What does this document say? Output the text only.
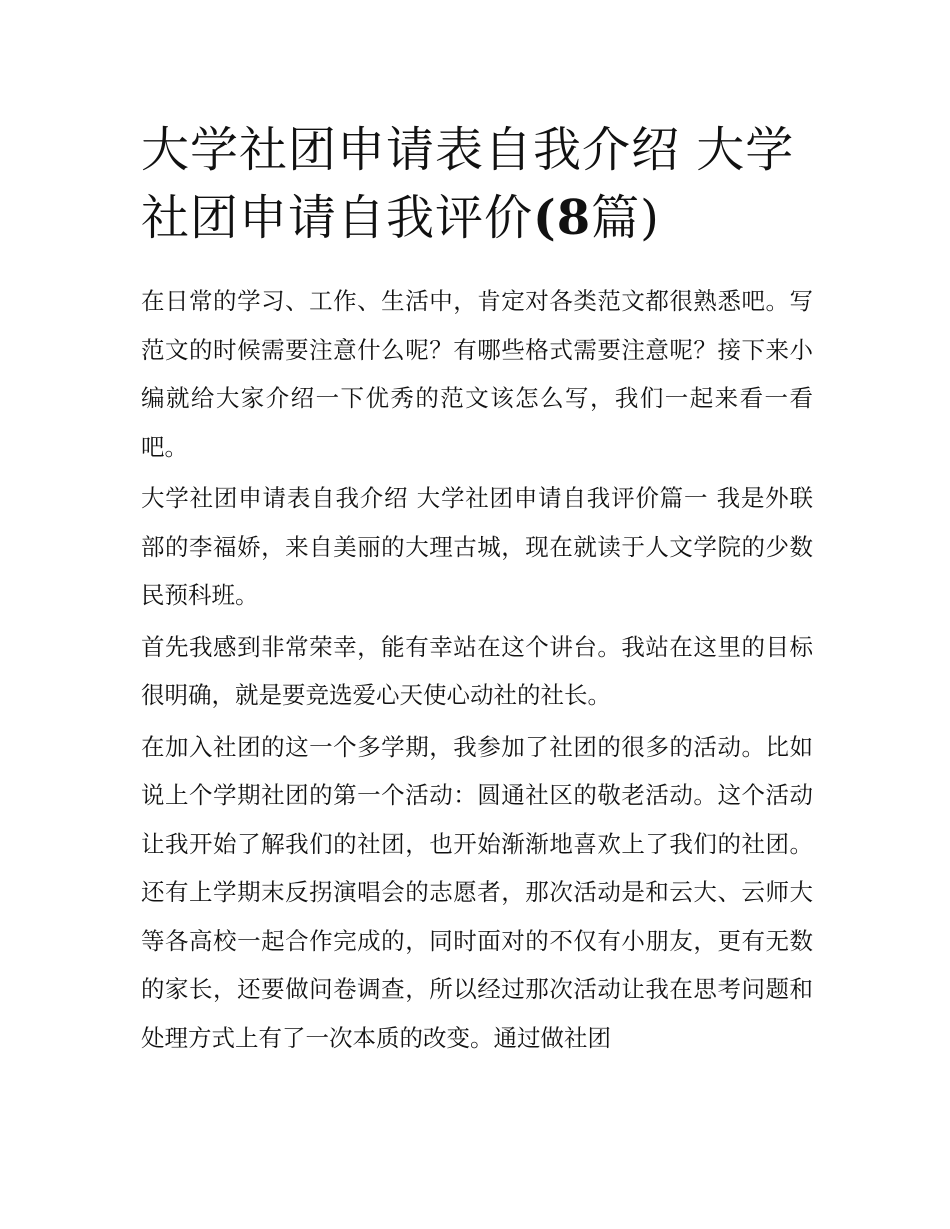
大学社团申请表自我介绍 大学社团申请自我评价(8篇)

在日常的学习、工作、生活中，肯定对各类范文都很熟悉吧。写范文的时候需要注意什么呢？有哪些格式需要注意呢？接下来小编就给大家介绍一下优秀的范文该怎么写，我们一起来看一看吧。

大学社团申请表自我介绍 大学社团申请自我评价篇一 我是外联部的李福娇，来自美丽的大理古城，现在就读于人文学院的少数民预科班。

首先我感到非常荣幸，能有幸站在这个讲台。我站在这里的目标很明确，就是要竞选爱心天使心动社的社长。

在加入社团的这一个多学期，我参加了社团的很多的活动。比如说上个学期社团的第一个活动：圆通社区的敬老活动。这个活动让我开始了解我们的社团，也开始渐渐地喜欢上了我们的社团。还有上学期末反拐演唱会的志愿者，那次活动是和云大、云师大等各高校一起合作完成的，同时面对的不仅有小朋友，更有无数的家长，还要做问卷调查，所以经过那次活动让我在思考问题和处理方式上有了一次本质的改变。通过做社团
